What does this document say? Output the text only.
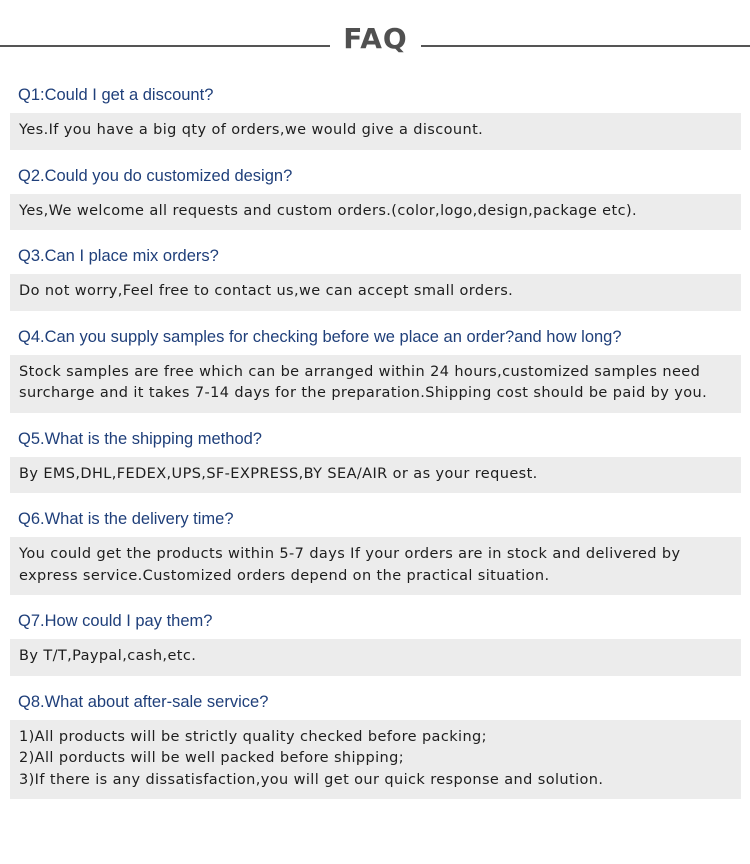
FAQ
Q1:Could I get a discount?
Yes.If you have a big qty of orders,we would give a discount.
Q2.Could you do customized design?
Yes,We welcome all requests and custom orders.(color,logo,design,package etc).
Q3.Can I place mix orders?
Do not worry,Feel free to contact us,we can accept small orders.
Q4.Can you supply samples for checking before we place an order?and how long?
Stock samples are free which can be arranged within 24 hours,customized samples need
surcharge and it takes 7-14 days for the preparation.Shipping cost should be paid by you.
Q5.What is the shipping method?
By EMS,DHL,FEDEX,UPS,SF-EXPRESS,BY SEA/AIR or as your request.
Q6.What is the delivery time?
You could get the products within 5-7 days If your orders are in stock and delivered by
express service.Customized orders depend on the practical situation.
Q7.How could I pay them?
By T/T,Paypal,cash,etc.
Q8.What about after-sale service?
1)All products will be strictly quality checked before packing;
2)All porducts will be well packed before shipping;
3)If there is any dissatisfaction,you will get our quick response and solution.
